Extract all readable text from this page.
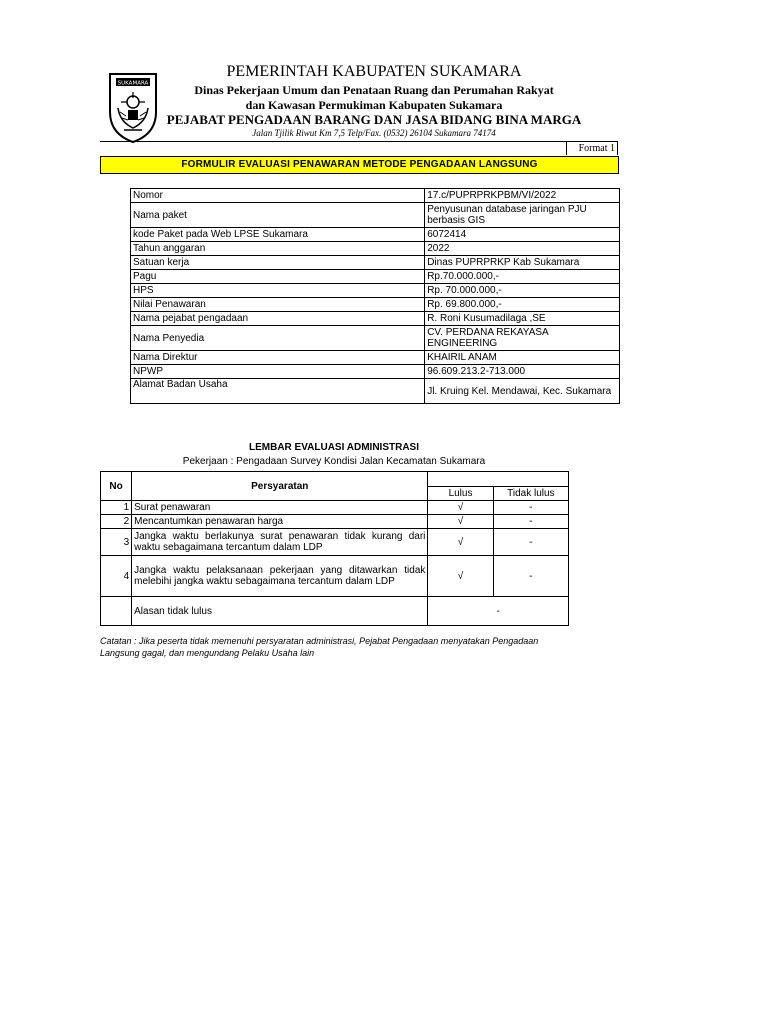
SUKAMARA
PEMERINTAH KABUPATEN SUKAMARA
Dinas Pekerjaan Umum dan Penataan Ruang dan Perumahan Rakyat
dan Kawasan Permukiman Kabupaten Sukamara
PEJABAT PENGADAAN BARANG DAN JASA BIDANG BINA MARGA
Jalan Tjilik Riwut Km 7,5 Telp/Fax. (0532) 26104 Sukamara 74174
Format 1
FORMULIR EVALUASI PENAWARAN METODE PENGADAAN LANGSUNG
Nomor	17.c/PUPRPRKPBM/VI/2022
Nama paket	Penyusunan database jaringan PJU berbasis GIS
kode Paket pada Web LPSE Sukamara	6072414
Tahun anggaran	2022
Satuan kerja	Dinas PUPRPRKP Kab Sukamara
Pagu	Rp.70.000.000,-
HPS	Rp. 70.000.000,-
Nilai Penawaran	Rp. 69.800.000,-
Nama pejabat pengadaan	R. Roni Kusumadilaga ,SE
Nama Penyedia	CV. PERDANA REKAYASA ENGINEERING
Nama Direktur	KHAIRIL ANAM
NPWP	96.609.213.2-713.000
Alamat Badan Usaha	Jl. Kruing Kel. Mendawai, Kec. Sukamara
LEMBAR EVALUASI ADMINISTRASI
Pekerjaan : Pengadaan Survey Kondisi Jalan Kecamatan Sukamara
No	Persyaratan		
		Lulus	Tidak lulus
1	Surat penawaran	√	-
2	Mencantumkan penawaran harga	√	-
3	Jangka waktu berlakunya surat penawaran tidak kurang dari waktu sebagaimana tercantum dalam LDP	√	-
4	Jangka waktu pelaksanaan pekerjaan yang ditawarkan tidak melebihi jangka waktu sebagaimana tercantum dalam LDP	√	-
	Alasan tidak lulus	-	
Catatan : Jika peserta tidak memenuhi persyaratan administrasi, Pejabat Pengadaan menyatakan Pengadaan Langsung gagal, dan mengundang Pelaku Usaha lain
